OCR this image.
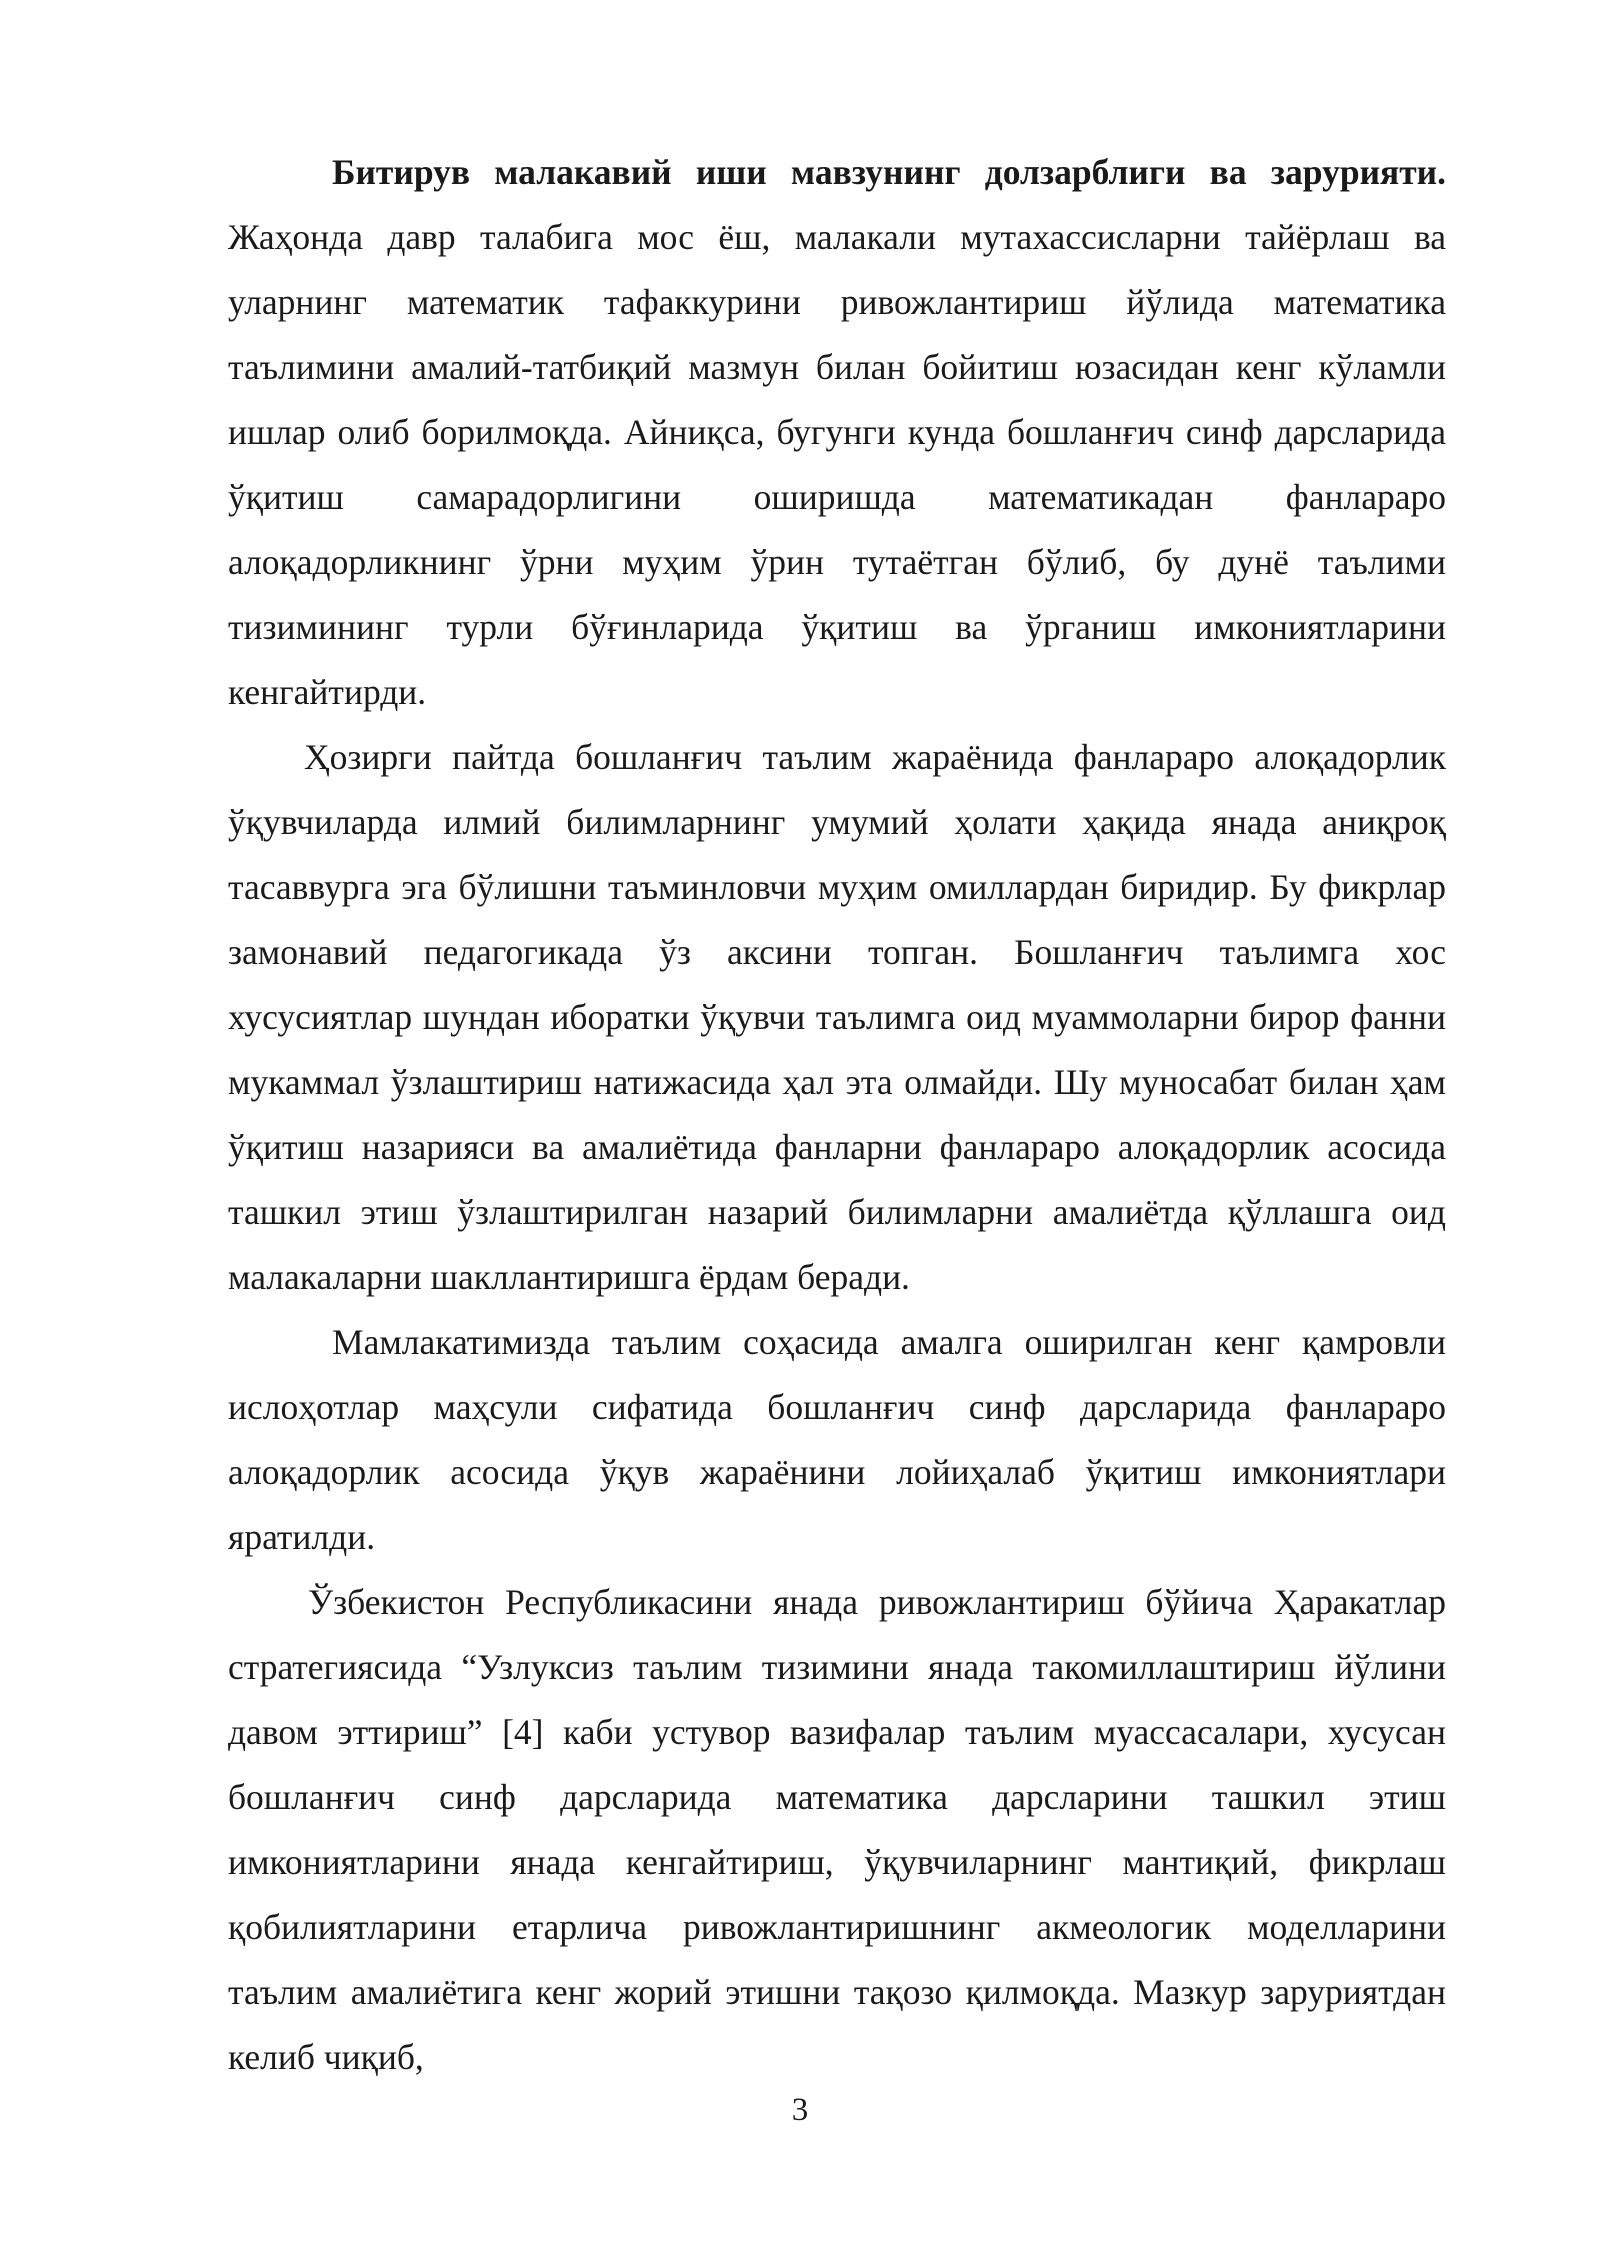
Битирув малакавий иши мавзунинг долзарблиги ва зарурияти. Жаҳонда давр талабига мос ёш, малакали мутахассисларни тайёрлаш ва уларнинг математик тафаккурини ривожлантириш йўлида математика таълимини амалий-татбиқий мазмун билан бойитиш юзасидан кенг кўламли ишлар олиб борилмоқда. Айниқса, бугунги кунда бошланғич синф дарсларида ўқитиш самарадорлигини оширишда математикадан фанлараро алоқадорликнинг ўрни муҳим ўрин тутаётган бўлиб, бу дунё таълими тизимининг турли бўғинларида ўқитиш ва ўрганиш имкониятларини кенгайтирди.

Ҳозирги пайтда бошланғич таълим жараёнида фанлараро алоқадорлик ўқувчиларда илмий билимларнинг умумий ҳолати ҳақида янада аниқроқ тасаввурга эга бўлишни таъминловчи муҳим омиллардан биридир. Бу фикрлар замонавий педагогикада ўз аксини топган. Бошланғич таълимга хос хусусиятлар шундан иборатки ўқувчи таълимга оид муаммоларни бирор фанни мукаммал ўзлаштириш натижасида ҳал эта олмайди. Шу муносабат билан ҳам ўқитиш назарияси ва амалиётида фанларни фанлараро алоқадорлик асосида ташкил этиш ўзлаштирилган назарий билимларни амалиётда қўллашга оид малакаларни шакллантиришга ёрдам беради.

Мамлакатимизда таълим соҳасида амалга оширилган кенг қамровли ислоҳотлар маҳсули сифатида бошланғич синф дарсларида фанлараро алоқадорлик асосида ўқув жараёнини лойиҳалаб ўқитиш имкониятлари яратилди.

Ўзбекистон Республикасини янада ривожлантириш бўйича Ҳаракатлар стратегиясида “Узлуксиз таълим тизимини янада такомиллаштириш йўлини давом эттириш” [4] каби устувор вазифалар таълим муассасалари, хусусан бошланғич синф дарсларида математика дарсларини ташкил этиш имкониятларини янада кенгайтириш, ўқувчиларнинг мантиқий, фикрлаш қобилиятларини етарлича ривожлантиришнинг акмеологик моделларини таълим амалиётига кенг жорий этишни тақозо қилмоқда. Мазкур заруриятдан келиб чиқиб,

3
